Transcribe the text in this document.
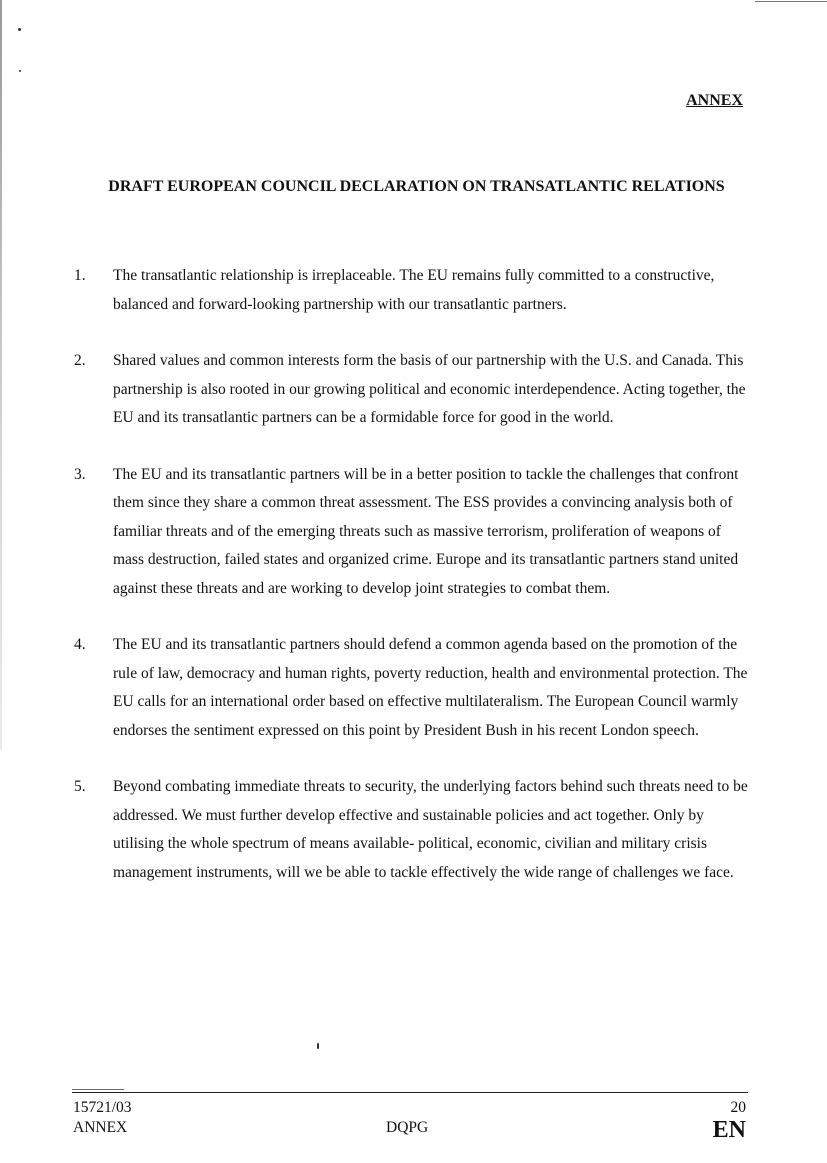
ANNEX
DRAFT EUROPEAN COUNCIL DECLARATION ON TRANSATLANTIC RELATIONS
1.	The transatlantic relationship is irreplaceable. The EU remains fully committed to a constructive, balanced and forward-looking partnership with our transatlantic partners.
2.	Shared values and common interests form the basis of our partnership with the U.S. and Canada. This partnership is also rooted in our growing political and economic interdependence. Acting together, the EU and its transatlantic partners can be a formidable force for good in the world.
3.	The EU and its transatlantic partners will be in a better position to tackle the challenges that confront them since they share a common threat assessment. The ESS provides a convincing analysis both of familiar threats and of the emerging threats such as massive terrorism, proliferation of weapons of mass destruction, failed states and organized crime. Europe and its transatlantic partners stand united against these threats and are working to develop joint strategies to combat them.
4.	The EU and its transatlantic partners should defend a common agenda based on the promotion of the rule of law, democracy and human rights, poverty reduction, health and environmental protection. The EU calls for an international order based on effective multilateralism. The European Council warmly endorses the sentiment expressed on this point by President Bush in his recent London speech.
5.	Beyond combating immediate threats to security, the underlying factors behind such threats need to be addressed. We must further develop effective and sustainable policies and act together. Only by utilising the whole spectrum of means available- political, economic, civilian and military crisis management instruments, will we be able to tackle effectively the wide range of challenges we face.
15721/03
ANNEX	DQPG
20
EN
